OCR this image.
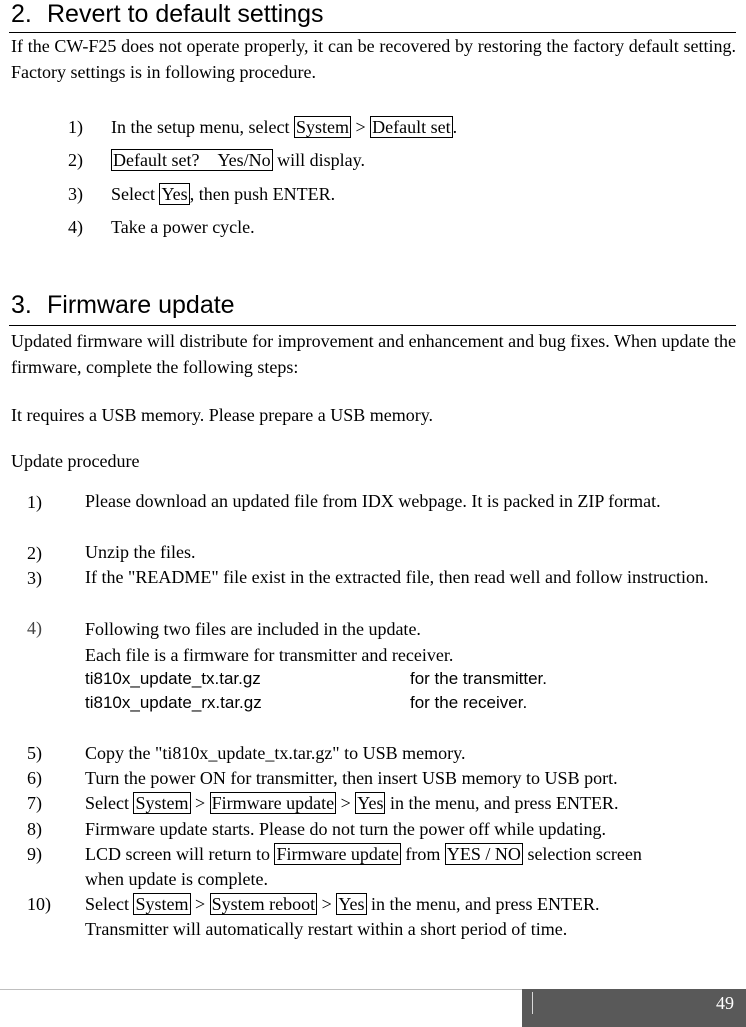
2. Revert to default settings
If the CW-F25 does not operate properly, it can be recovered by restoring the factory default setting. Factory settings is in following procedure.
1) In the setup menu, select System > Default set .
2) Default set?    Yes/No will display.
3) Select Yes , then push ENTER.
4) Take a power cycle.
3. Firmware update
Updated firmware will distribute for improvement and enhancement and bug fixes. When update the firmware, complete the following steps:
It requires a USB memory. Please prepare a USB memory.
Update procedure
1) Please download an updated file from IDX webpage. It is packed in ZIP format.
2) Unzip the files.
3) If the "README" file exist in the extracted file, then read well and follow instruction.
4) Following two files are included in the update.
Each file is a firmware for transmitter and receiver.
ti810x_update_tx.tar.gz	for the transmitter.
ti810x_update_rx.tar.gz	for the receiver.
5) Copy the "ti810x_update_tx.tar.gz" to USB memory.
6) Turn the power ON for transmitter, then insert USB memory to USB port.
7) Select System > Firmware update > Yes in the menu, and press ENTER.
8) Firmware update starts. Please do not turn the power off while updating.
9) LCD screen will return to Firmware update from YES / NO selection screen
when update is complete.
10) Select System > System reboot > Yes in the menu, and press ENTER.
Transmitter will automatically restart within a short period of time.
49
